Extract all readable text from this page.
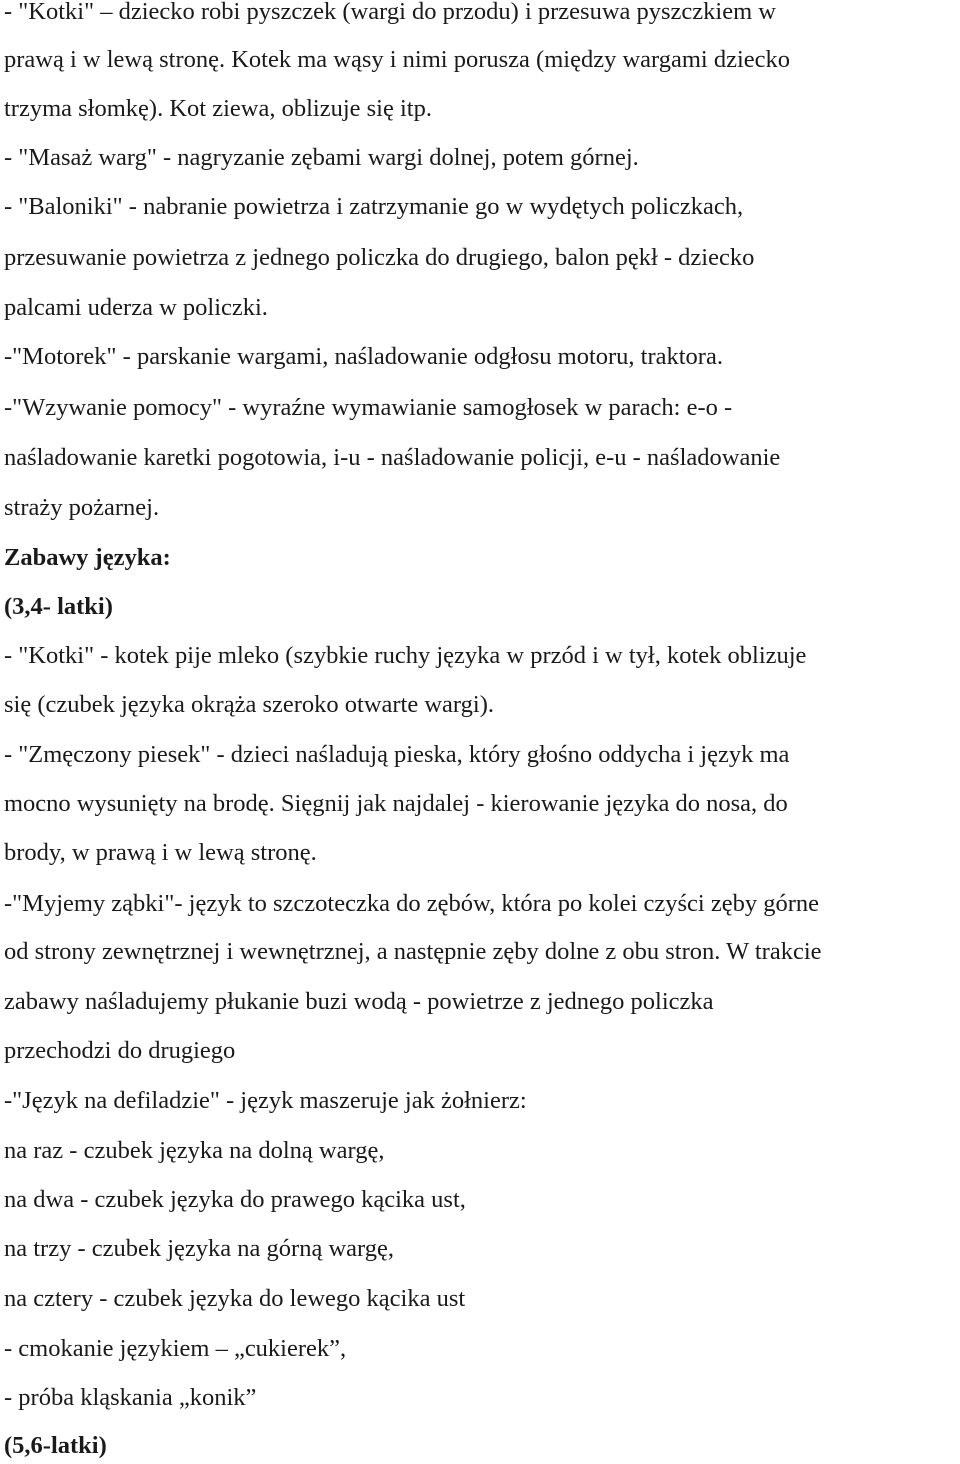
- "Kotki" – dziecko robi pyszczek (wargi do przodu) i przesuwa pyszczkiem w
prawą i w lewą stronę. Kotek ma wąsy i nimi porusza (między wargami dziecko
trzyma słomkę). Kot ziewa, oblizuje się itp.
- "Masaż warg" - nagryzanie zębami wargi dolnej, potem górnej.
- "Baloniki" - nabranie powietrza i zatrzymanie go w wydętych policzkach,
przesuwanie powietrza z jednego policzka do drugiego, balon pękł - dziecko
palcami uderza w policzki.
-"Motorek" - parskanie wargami, naśladowanie odgłosu motoru, traktora.
-"Wzywanie pomocy" - wyraźne wymawianie samogłosek w parach: e-o -
naśladowanie karetki pogotowia, i-u - naśladowanie policji, e-u - naśladowanie
straży pożarnej.
Zabawy języka:
(3,4- latki)
- "Kotki" - kotek pije mleko (szybkie ruchy języka w przód i w tył, kotek oblizuje
się (czubek języka okrąża szeroko otwarte wargi).
- "Zmęczony piesek" - dzieci naśladują pieska, który głośno oddycha i język ma
mocno wysunięty na brodę. Sięgnij jak najdalej - kierowanie języka do nosa, do
brody, w prawą i w lewą stronę.
-"Myjemy ząbki"- język to szczoteczka do zębów, która po kolei czyści zęby górne
od strony zewnętrznej i wewnętrznej, a następnie zęby dolne z obu stron. W trakcie
zabawy naśladujemy płukanie buzi wodą - powietrze z jednego policzka
przechodzi do drugiego
-"Język na defiladzie" - język maszeruje jak żołnierz:
na raz - czubek języka na dolną wargę,
na dwa - czubek języka do prawego kącika ust,
na trzy - czubek języka na górną wargę,
na cztery - czubek języka do lewego kącika ust
- cmokanie językiem – „cukierek”,
- próba kląskania „konik”
(5,6-latki)
